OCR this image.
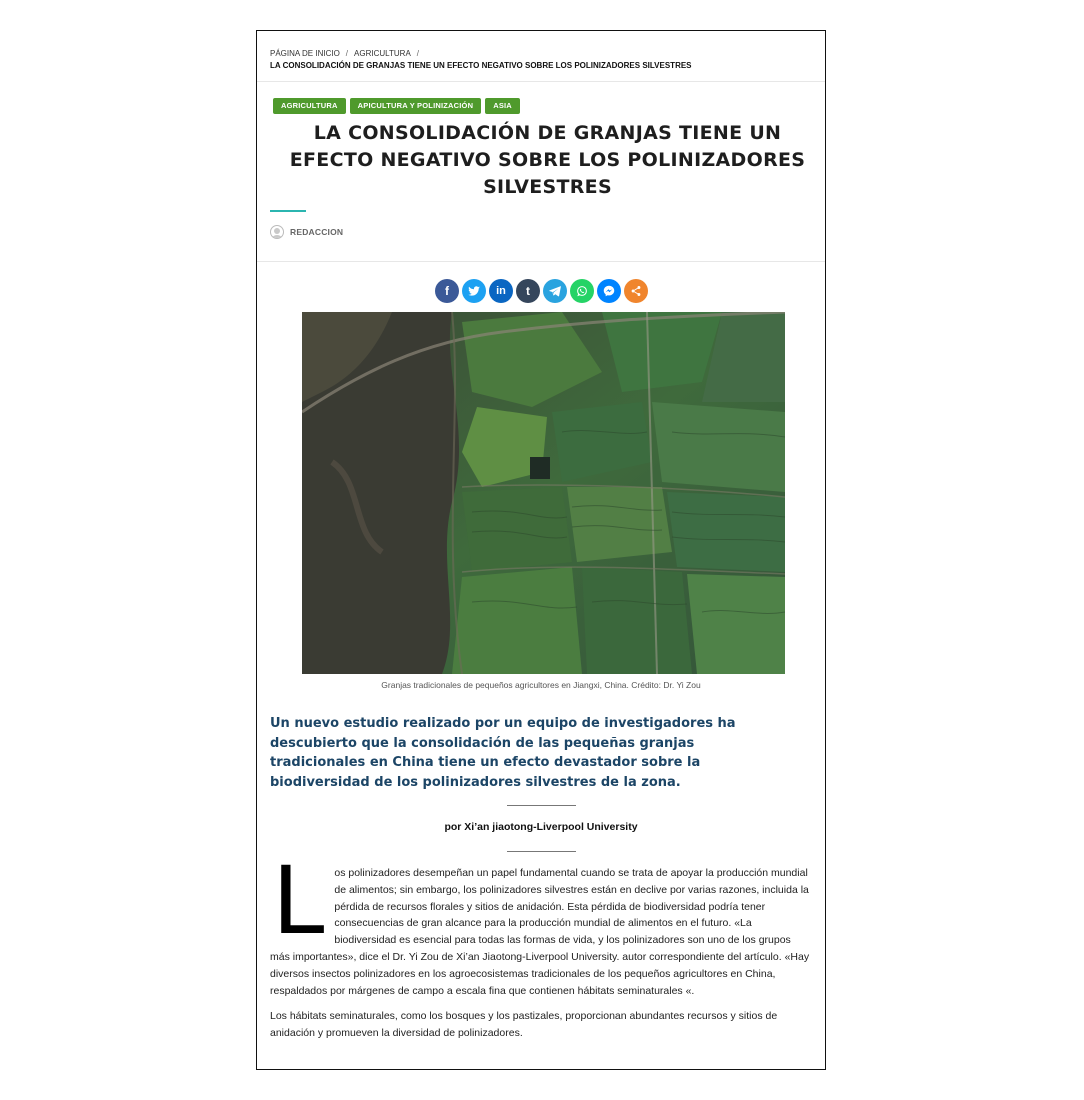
PÁGINA DE INICIO / AGRICULTURA /
LA CONSOLIDACIÓN DE GRANJAS TIENE UN EFECTO NEGATIVO SOBRE LOS POLINIZADORES SILVESTRES
AGRICULTURA	APICULTURA Y POLINIZACIÓN	ASIA
LA CONSOLIDACIÓN DE GRANJAS TIENE UN EFECTO NEGATIVO SOBRE LOS POLINIZADORES SILVESTRES
REDACCION
f	in	t
Granjas tradicionales de pequeños agricultores en Jiangxi, China. Crédito: Dr. Yi Zou

Un nuevo estudio realizado por un equipo de investigadores ha descubierto que la consolidación de las pequeñas granjas tradicionales en China tiene un efecto devastador sobre la biodiversidad de los polinizadores silvestres de la zona.

por Xi’an jiaotong-Liverpool University

Los polinizadores desempeñan un papel fundamental cuando se trata de apoyar la producción mundial de alimentos; sin embargo, los polinizadores silvestres están en declive por varias razones, incluida la pérdida de recursos florales y sitios de anidación. Esta pérdida de biodiversidad podría tener consecuencias de gran alcance para la producción mundial de alimentos en el futuro. «La biodiversidad es esencial para todas las formas de vida, y los polinizadores son uno de los grupos más importantes», dice el Dr. Yi Zou de Xi’an Jiaotong-Liverpool University. autor correspondiente del artículo. «Hay diversos insectos polinizadores en los agroecosistemas tradicionales de los pequeños agricultores en China, respaldados por márgenes de campo a escala fina que contienen hábitats seminaturales «.

Los hábitats seminaturales, como los bosques y los pastizales, proporcionan abundantes recursos y sitios de anidación y promueven la diversidad de polinizadores.
